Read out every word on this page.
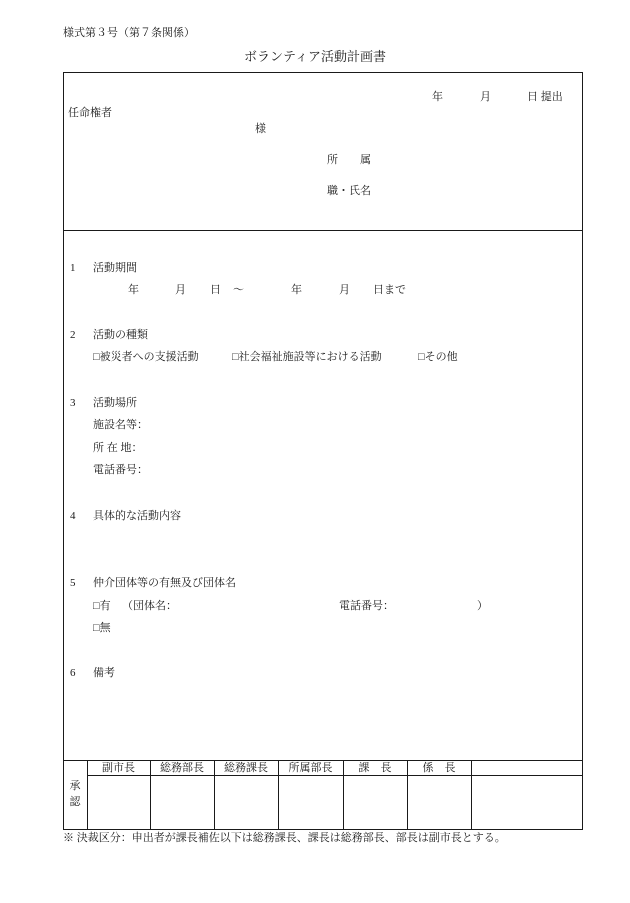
様式第３号（第７条関係）
ボランティア活動計画書
年	月	日 提出
任命権者
様
所　　属
職・氏名
1 活動期間
年	月 日 ～	年	月 日まで
2 活動の種類
□被災者への支援活動	□社会福祉施設等における活動	□その他
3 活動場所
施設名等：
所 在 地：
電話番号：
4 具体的な活動内容
5 仲介団体等の有無及び団体名
□有 （団体名：	電話番号：	）
□無
6 備考
承
認
副市長	総務部長	総務課長	所属部長	課　長	係　長
※ 決裁区分：申出者が課長補佐以下は総務課長、課長は総務部長、部長は副市長とする。
